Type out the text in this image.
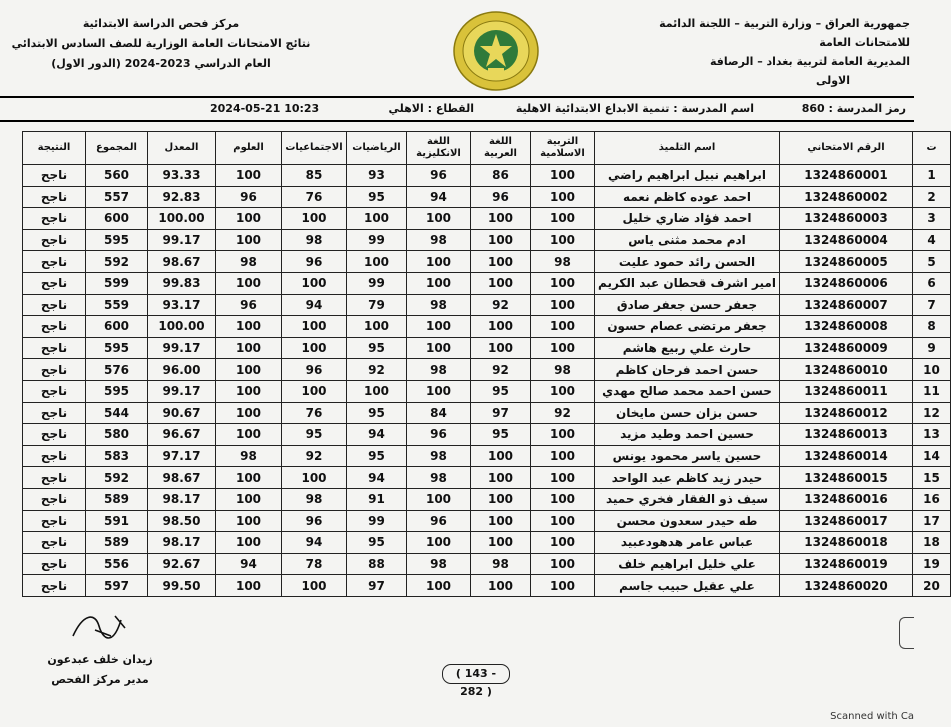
جمهورية العراق – وزارة التربية – اللجنة الدائمة للامتحانات العامة
المديرية العامة لتربية بغداد – الرصافة
الاولى
مركز فحص الدراسة الابتدائية
نتائج الامتحانات العامة الوزارية للصف السادس الابتدائي
العام الدراسي 2023-2024 (الدور الاول)
رمز المدرسة : 860
اسم المدرسة : تنمية الابداع الابتدائية الاهلية
القطاع : الاهلي
2024-05-21 10:23
ت	الرقم الامتحاني	اسم التلميذ	التربية الاسلامية	اللغة العربية	اللغة الانكليزية	الرياضيات	الاجتماعيات	العلوم	المعدل	المجموع	النتيجة
1	1324860001	ابراهيم نبيل ابراهيم راضي	100	86	96	93	85	100	93.33	560	ناجح
2	1324860002	احمد عوده كاظم نعمه	100	96	94	95	76	96	92.83	557	ناجح
3	1324860003	احمد فؤاد ضاري خليل	100	100	100	100	100	100	100.00	600	ناجح
4	1324860004	ادم محمد مثنى ياس	100	100	98	99	98	100	99.17	595	ناجح
5	1324860005	الحسن رائد حمود عليت	98	100	100	100	96	98	98.67	592	ناجح
6	1324860006	امير اشرف قحطان عبد الكريم	100	100	100	99	100	100	99.83	599	ناجح
7	1324860007	جعفر حسن جعفر صادق	100	92	98	79	94	96	93.17	559	ناجح
8	1324860008	جعفر مرتضى عصام حسون	100	100	100	100	100	100	100.00	600	ناجح
9	1324860009	حارث علي ربيع هاشم	100	100	100	95	100	100	99.17	595	ناجح
10	1324860010	حسن احمد فرحان كاظم	98	92	98	92	96	100	96.00	576	ناجح
11	1324860011	حسن احمد محمد صالح مهدي	100	95	100	100	100	100	99.17	595	ناجح
12	1324860012	حسن بزان حسن مايخان	92	97	84	95	76	100	90.67	544	ناجح
13	1324860013	حسين احمد وطيد مزيد	100	95	96	94	95	100	96.67	580	ناجح
14	1324860014	حسين ياسر محمود يونس	100	100	98	95	92	98	97.17	583	ناجح
15	1324860015	حيدر زيد كاظم عبد الواحد	100	100	98	94	100	100	98.67	592	ناجح
16	1324860016	سيف ذو الفقار فخري حميد	100	100	100	91	98	100	98.17	589	ناجح
17	1324860017	طه حيدر سعدون محسن	100	100	96	99	96	100	98.50	591	ناجح
18	1324860018	عباس عامر هدهودعبيد	100	100	100	95	94	100	98.17	589	ناجح
19	1324860019	علي خليل ابراهيم خلف	100	98	98	88	78	94	92.67	556	ناجح
20	1324860020	علي عقيل حبيب جاسم	100	100	100	97	100	100	99.50	597	ناجح
زيدان خلف عبدعون
مدير مركز الفحص	( 143 - 282 )
Scanned with Ca
